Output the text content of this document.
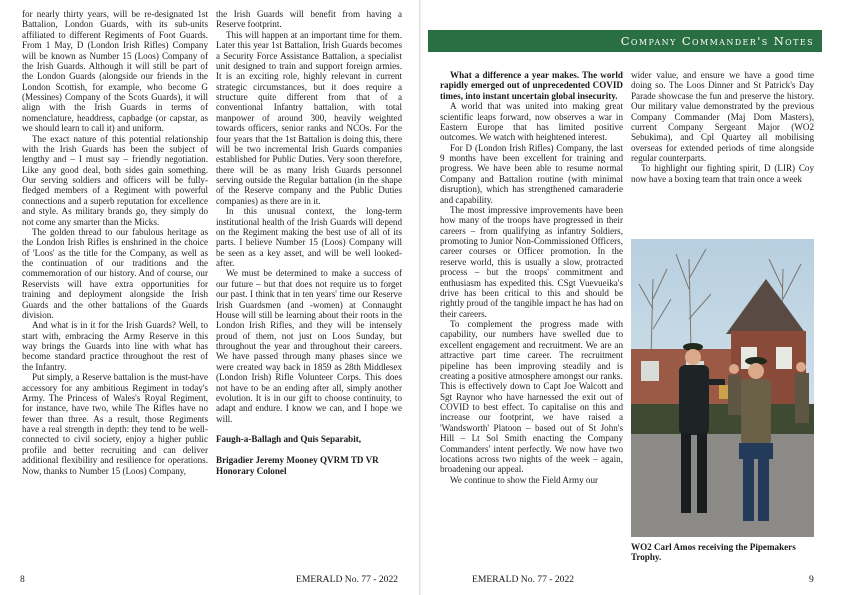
for nearly thirty years, will be re-designated 1st Battalion, London Guards, with its sub-units affiliated to different Regiments of Foot Guards. From 1 May, D (London Irish Rifles) Company will be known as Number 15 (Loos) Company of the Irish Guards. Although it will still be part of the London Guards (alongside our friends in the London Scottish, for example, who become G (Messines) Company of the Scots Guards), it will align with the Irish Guards in terms of nomenclature, headdress, capbadge (or capstar, as we should learn to call it) and uniform.

The exact nature of this potential relationship with the Irish Guards has been the subject of lengthy and – I must say – friendly negotiation. Like any good deal, both sides gain something. Our serving soldiers and officers will be fully-fledged members of a Regiment with powerful connections and a superb reputation for excellence and style. As military brands go, they simply do not come any smarter than the Micks.

The golden thread to our fabulous heritage as the London Irish Rifles is enshrined in the choice of 'Loos' as the title for the Company, as well as the continuation of our traditions and the commemoration of our history. And of course, our Reservists will have extra opportunities for training and deployment alongside the Irish Guards and the other battalions of the Guards division.

And what is in it for the Irish Guards? Well, to start with, embracing the Army Reserve in this way brings the Guards into line with what has become standard practice throughout the rest of the Infantry.

Put simply, a Reserve battalion is the must-have accessory for any ambitious Regiment in today's Army. The Princess of Wales's Royal Regiment, for instance, have two, while The Rifles have no fewer than three. As a result, those Regiments have a real strength in depth: they tend to be well-connected to civil society, enjoy a higher public profile and better recruiting and can deliver additional flexibility and resilience for operations. Now, thanks to Number 15 (Loos) Company,

the Irish Guards will benefit from having a Reserve footprint.

This will happen at an important time for them. Later this year 1st Battalion, Irish Guards becomes a Security Force Assistance Battalion, a specialist unit designed to train and support foreign armies. It is an exciting role, highly relevant in current strategic circumstances, but it does require a structure quite different from that of a conventional Infantry battalion, with total manpower of around 300, heavily weighted towards officers, senior ranks and NCOs. For the four years that the 1st Battalion is doing this, there will be two incremental Irish Guards companies established for Public Duties. Very soon therefore, there will be as many Irish Guards personnel serving outside the Regular battalion (in the shape of the Reserve company and the Public Duties companies) as there are in it.

In this unusual context, the long-term institutional health of the Irish Guards will depend on the Regiment making the best use of all of its parts. I believe Number 15 (Loos) Company will be seen as a key asset, and will be well looked-after.

We must be determined to make a success of our future – but that does not require us to forget our past. I think that in ten years' time our Reserve Irish Guardsmen (and -women) at Connaught House will still be learning about their roots in the London Irish Rifles, and they will be intensely proud of them, not just on Loos Sunday, but throughout the year and throughout their careers. We have passed through many phases since we were created way back in 1859 as 28th Middlesex (London Irish) Rifle Volunteer Corps. This does not have to be an ending after all, simply another evolution. It is in our gift to choose continuity, to adapt and endure. I know we can, and I hope we will.

Faugh-a-Ballagh and Quis Separabit,

Brigadier Jeremy Mooney QVRM TD VR
Honorary Colonel

8	EMERALD No. 77 - 2022
Company Commander's Notes

What a difference a year makes. The world rapidly emerged out of unprecedented COVID times, into instant uncertain global insecurity.

A world that was united into making great scientific leaps forward, now observes a war in Eastern Europe that has limited positive outcomes. We watch with heightened interest.

For D (London Irish Rifles) Company, the last 9 months have been excellent for training and progress. We have been able to resume normal Company and Battalion routine (with minimal disruption), which has strengthened camaraderie and capability.

The most impressive improvements have been how many of the troops have progressed in their careers – from qualifying as infantry Soldiers, promoting to Junior Non-Commissioned Officers, career courses or Officer promotion. In the reserve world, this is usually a slow, protracted process – but the troops' commitment and enthusiasm has expedited this. CSgt Vuevueika's drive has been critical to this and should be rightly proud of the tangible impact he has had on their careers.

To complement the progress made with capability, our numbers have swelled due to excellent engagement and recruitment. We are an attractive part time career. The recruitment pipeline has been improving steadily and is creating a positive atmosphere amongst our ranks.

This is effectively down to Capt Joe Walcott and Sgt Raynor who have harnessed the exit out of COVID to best effect. To capitalise on this and increase our footprint, we have raised a 'Wandsworth' Platoon – based out of St John's Hill – Lt Sol Smith enacting the Company Commanders' intent perfectly. We now have two locations across two nights of the week – again, broadening our appeal.

We continue to show the Field Army our

wider value, and ensure we have a good time doing so. The Loos Dinner and St Patrick's Day Parade showcase the fun and preserve the history. Our military value demonstrated by the previous Company Commander (Maj Dom Masters), current Company Sergeant Major (WO2 Sebukima), and Cpl Quartey all mobilising overseas for extended periods of time alongside regular counterparts.

To highlight our fighting spirit, D (LIR) Coy now have a boxing team that train once a week

WO2 Carl Amos receiving the Pipemakers Trophy.
EMERALD No. 77 - 2022	9
